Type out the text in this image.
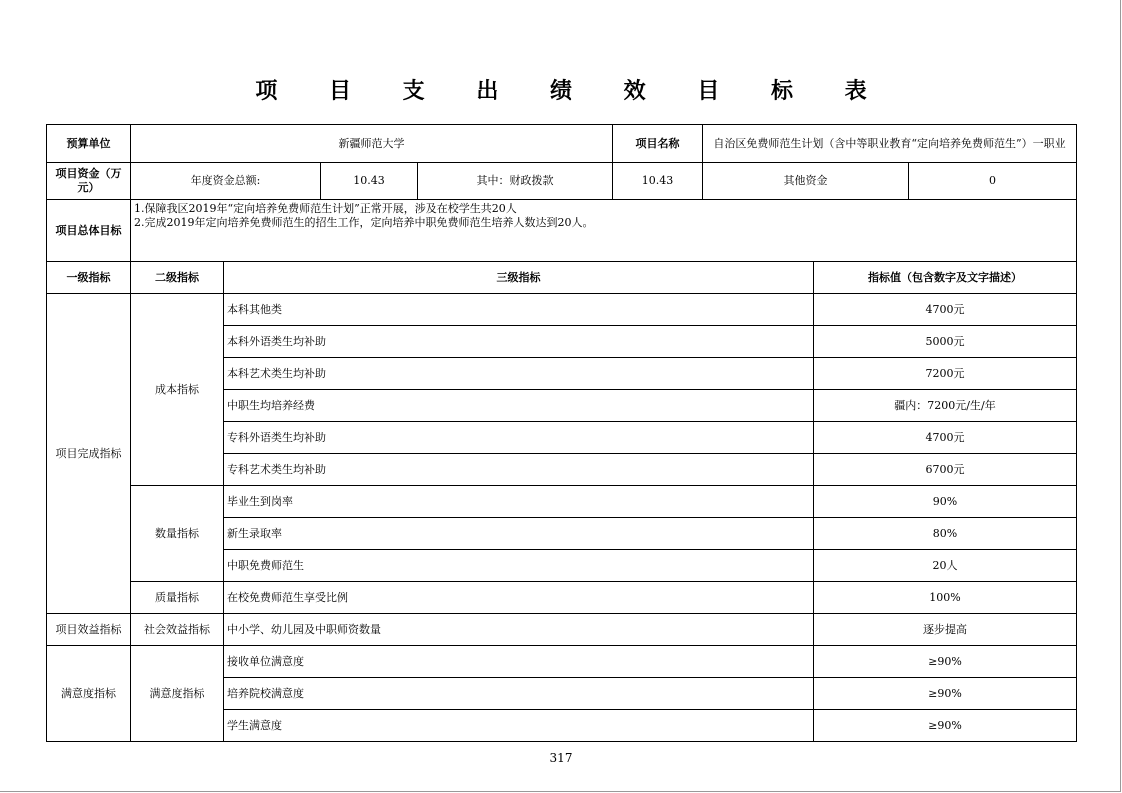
项 目 支 出 绩 效 目 标 表
预算单位	新疆师范大学				项目名称	自治区免费师范生计划（含中等职业教育“定向培养免费师范生”）一职业		
项目资金（万元）	年度资金总额:		10.43	其中：财政拨款	10.43	其他资金		0
项目总体目标	1.保障我区2019年“定向培养免费师范生计划”正常开展，涉及在校学生共20人
2.完成2019年定向培养免费师范生的招生工作，定向培养中职免费师范生培养人数达到20人。							

一级指标	二级指标	三级指标					指标值（包含数字及文字描述）	
项目完成指标	成本指标	本科其他类					4700元	
		本科外语类生均补助					5000元	
		本科艺术类生均补助					7200元	
		中职生均培养经费					疆内：7200元/生/年	
		专科外语类生均补助					4700元	
		专科艺术类生均补助					6700元	
	数量指标	毕业生到岗率					90%	
		新生录取率					80%	
		中职免费师范生					20人	
	质量指标	在校免费师范生享受比例					100%	
项目效益指标	社会效益指标	中小学、幼儿园及中职师资数量					逐步提高	
满意度指标	满意度指标	接收单位满意度					≥90%	
		培养院校满意度					≥90%	
		学生满意度					≥90%	
317
